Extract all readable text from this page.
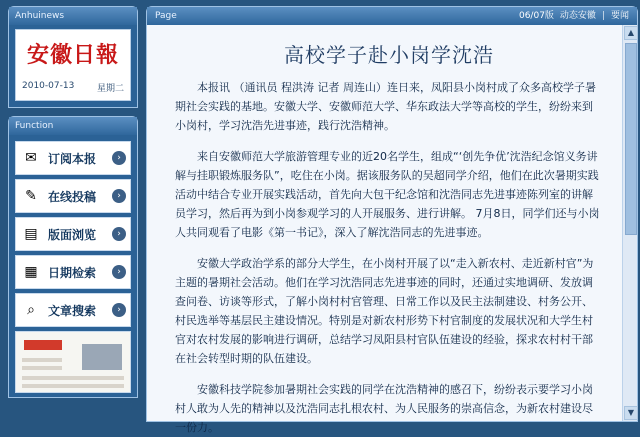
Anhuinews
安徽日報
2010-07-13	星期二
Function
✉ 订阅本报	›
✎ 在线投稿	›
▤ 版面浏览	›
▦ 日期检索	›
⌕	文章搜索	›
Page	06/07版 动态安徽 | 要闻
高校学子赴小岗学沈浩

本报讯 （通讯员 程洪涛 记者 周连山）连日来，凤阳县小岗村成了众多高校学子暑期社会实践的基地。安徽大学、安徽师范大学、华东政法大学等高校的学生，纷纷来到小岗村，学习沈浩先进事迹，践行沈浩精神。

来自安徽师范大学旅游管理专业的近20名学生，组成“‘创先争优’沈浩纪念馆义务讲解与挂职锻炼服务队”，吃住在小岗。据该服务队的吴超同学介绍，他们在此次暑期实践活动中结合专业开展实践活动，首先向大包干纪念馆和沈浩同志先进事迹陈列室的讲解员学习，然后再为到小岗参观学习的人开展服务、进行讲解。 7月8日，同学们还与小岗人共同观看了电影《第一书记》，深入了解沈浩同志的先进事迹。

安徽大学政治学系的部分大学生，在小岗村开展了以“走入新农村、走近新村官”为主题的暑期社会活动。他们在学习沈浩同志先进事迹的同时，还通过实地调研、发放调查问卷、访谈等形式，了解小岗村村官管理、日常工作以及民主法制建设、村务公开、村民选举等基层民主建设情况。特别是对新农村形势下村官制度的发展状况和大学生村官对农村发展的影响进行调研，总结学习凤阳县村官队伍建设的经验，探求农村村干部在社会转型时期的队伍建设。

安徽科技学院参加暑期社会实践的同学在沈浩精神的感召下，纷纷表示要学习小岗村人敢为人先的精神以及沈浩同志扎根农村、为人民服务的崇高信念，为新农村建设尽一份力。

▲
▼
